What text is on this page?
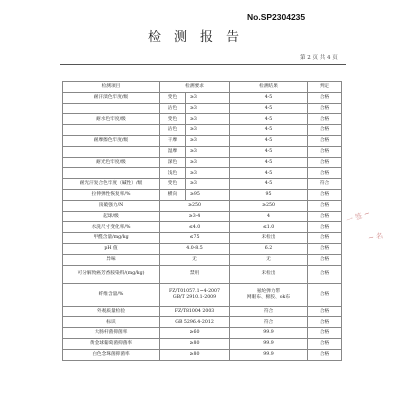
No.SP2304235
检测报告
第 2 页 共 4 页
检测项目	检测要求		检测结果	判定
耐汗渍色牢度/级	变色	≥3	4-5	合格
	沾色	≥3	4-5	合格
耐水色牢度/级	变色	≥3	4-5	合格
	沾色	≥3	4-5	合格
耐摩擦色牢度/级	干摩	≥3	4-5	合格
	湿摩	≥3	4-5	合格
耐光色牢度/级	深色	≥3	4-5	合格
	浅色	≥3	4-5	合格
耐光汗复合色牢度（碱性）/级	变色	≥3	4-5	符合
拉伸弹性恢复率/%	横向	≥95	95	合格
顶破强力/N	≥250		≥250	合格
起球/级	≥3-4		4	合格
水洗尺寸变化率/%	≤4.0		≤1.0	合格
甲醛含量/mg/kg	≤75		未检出	合格
pH 值	4.0-8.5		6.2	合格
异味	无		无	合格
可分解致癌芳香胺染料/(mg/kg)	禁用		未检出	合格
纤维含量/%	FZ/T01057.1~4-2007
GB/T 2910.1-2009		氨纶弹力带
网眼布、棉胶、ok布	合格
外观质量检验	FZ/T81004 2003		符合	合格
标识	GB 5296.4-2012		符合	合格
大肠杆菌抑菌率	≥60		99.9	合格
黄金球葡萄菌抑菌率	≥80		99.9	合格
白色念珠菌抑菌率	≥80		99.9	合格
一 签 ~
~ 名
